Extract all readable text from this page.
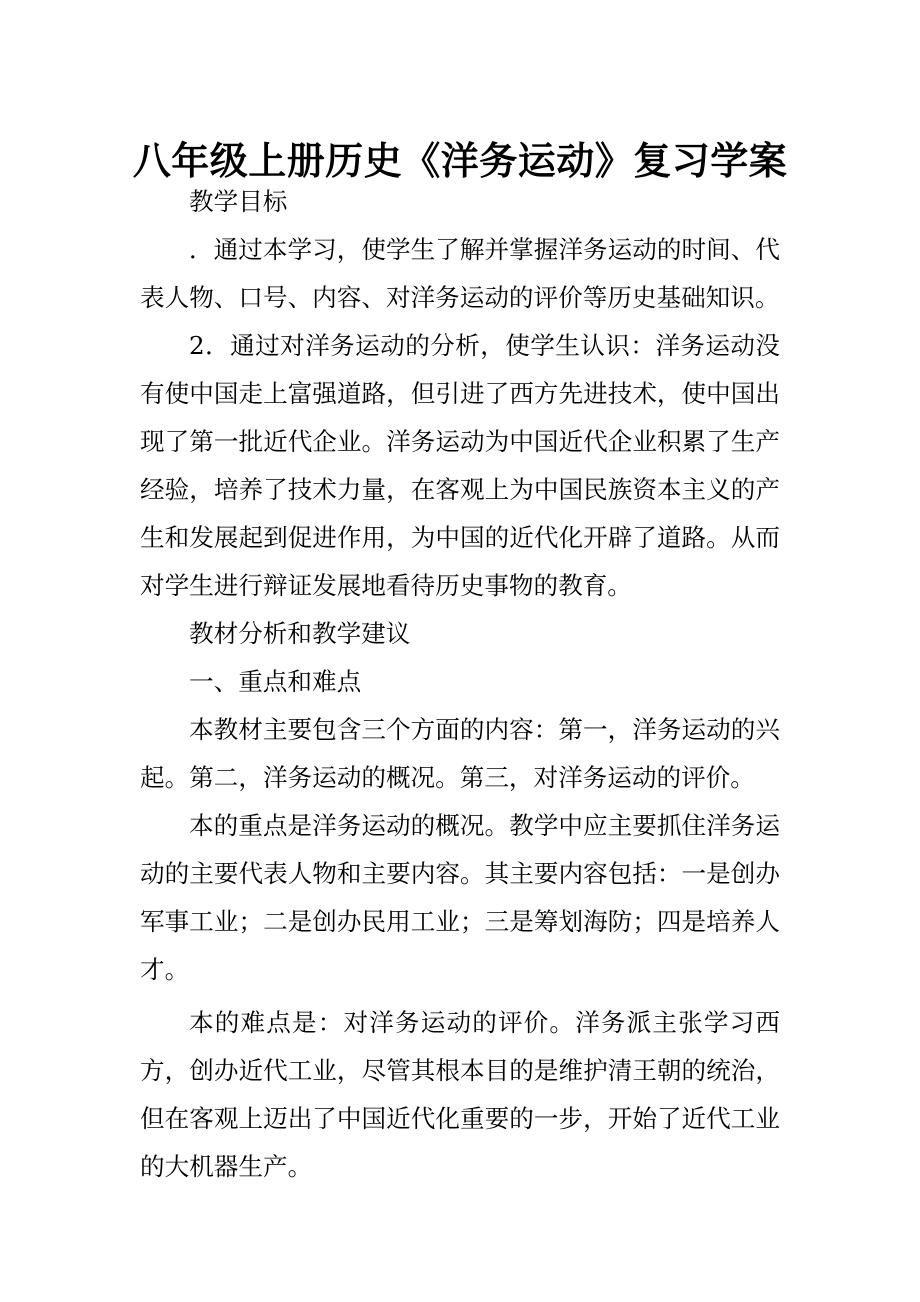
八年级上册历史《洋务运动》复习学案

教学目标

．通过本学习，使学生了解并掌握洋务运动的时间、代表人物、口号、内容、对洋务运动的评价等历史基础知识。

2．通过对洋务运动的分析，使学生认识：洋务运动没有使中国走上富强道路，但引进了西方先进技术，使中国出现了第一批近代企业。洋务运动为中国近代企业积累了生产经验，培养了技术力量，在客观上为中国民族资本主义的产生和发展起到促进作用，为中国的近代化开辟了道路。从而对学生进行辩证发展地看待历史事物的教育。

教材分析和教学建议

一、重点和难点

本教材主要包含三个方面的内容：第一，洋务运动的兴起。第二，洋务运动的概况。第三，对洋务运动的评价。

本的重点是洋务运动的概况。教学中应主要抓住洋务运动的主要代表人物和主要内容。其主要内容包括：一是创办军事工业；二是创办民用工业；三是筹划海防；四是培养人才。

本的难点是：对洋务运动的评价。洋务派主张学习西方，创办近代工业，尽管其根本目的是维护清王朝的统治，但在客观上迈出了中国近代化重要的一步，开始了近代工业的大机器生产。
